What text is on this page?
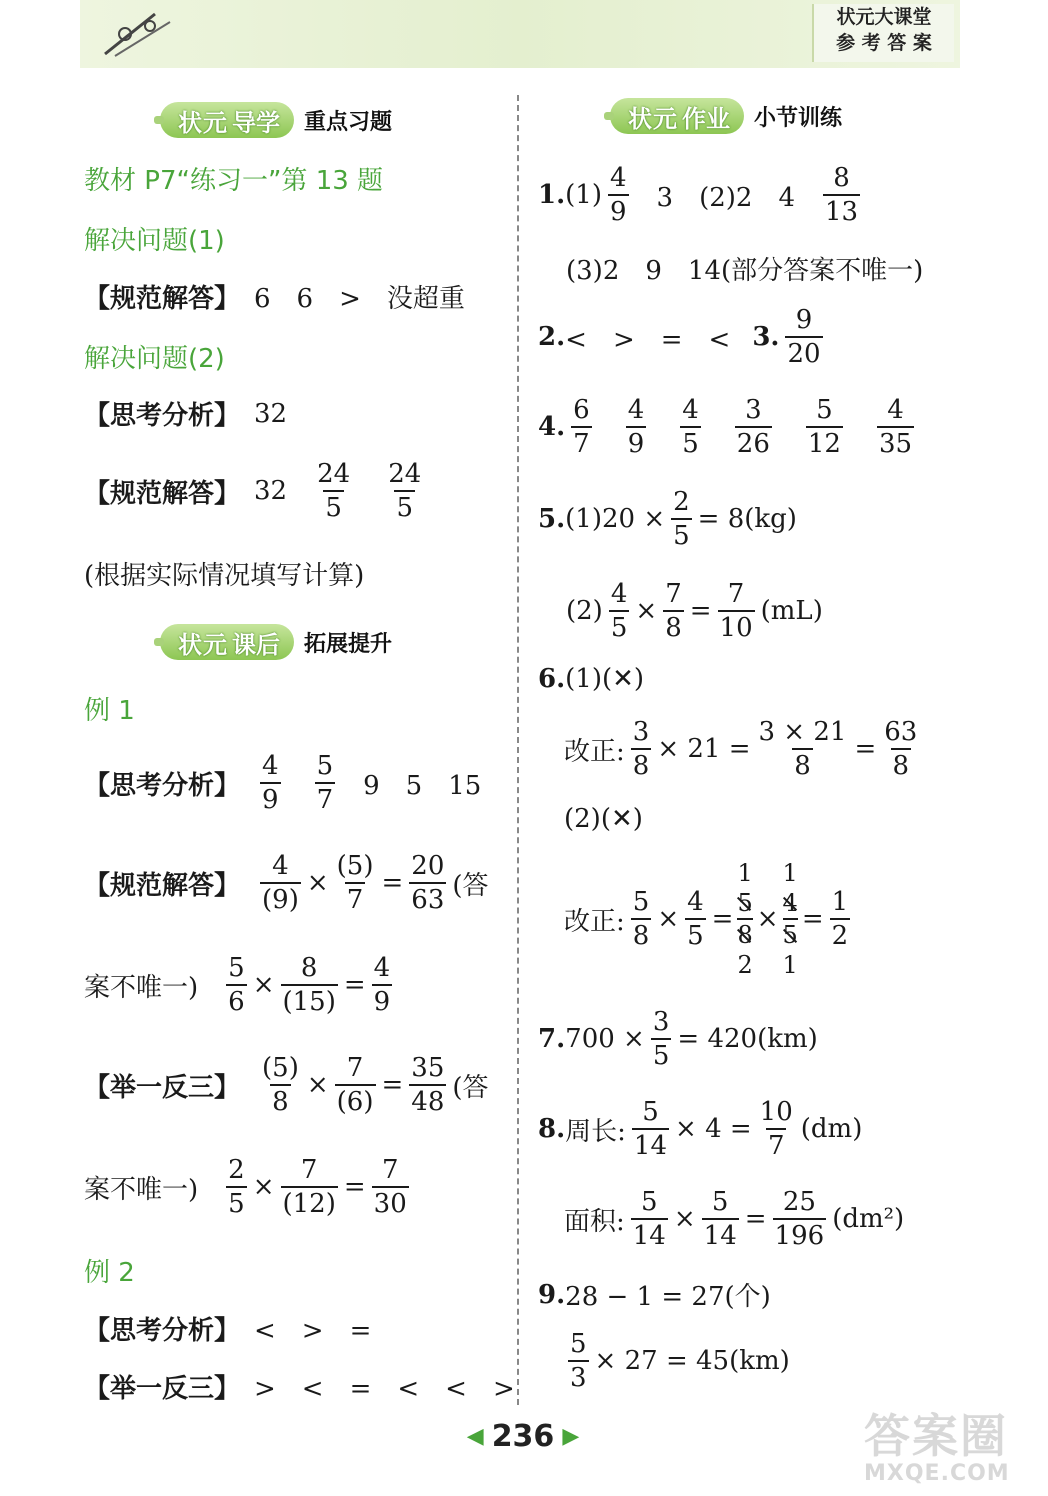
状元大课堂
参 考 答 案
状元 导学 重点习题
教材 P7“练习一”第 13 题
解决问题(1)
【规范解答】 6　6　>　没超重
解决问题(2)
【思考分析】 32
【规范解答】 $32 \frac{24}{5} \frac{24}{5}$
(根据实际情况填写计算)
状元 课后 拓展提升
例 1
【思考分析】 $\frac{4}{9} \frac{5}{7} 9$　5　15
【规范解答】 $\frac{4}{(9)} \times \frac{(5)}{7} = \frac{20}{63}$ (答
案不唯一) $\frac{5}{6} \times \frac{8}{(15)} = \frac{4}{9}$
【举一反三】 $\frac{(5)}{8} \times \frac{7}{(6)} = \frac{35}{48}$ (答
案不唯一) $\frac{2}{5} \times \frac{7}{(12)} = \frac{7}{30}$
例 2
【思考分析】 <　>　=
【举一反三】 >　<　=　<　<　>
状元 作业 小节训练
1. $(1) \frac{4}{9} 3$　(2)2　$4 \frac{8}{13}$
(3)2　9　14(部分答案不唯一)
2. <　>　=　< 3. $\frac{9}{20}$
4. $\frac{6}{7} \frac{4}{9} \frac{4}{5} \frac{3}{26} \frac{5}{12} \frac{4}{35}$
5. $(1)20 \times \frac{2}{5} = 8(kg)$
$(2) \frac{4}{5} \times \frac{7}{8} = \frac{7}{10} (mL)$
6. (1)(✕)
改正: $\frac{3}{8} \times 21 = \frac{3 \times 21}{8} = \frac{63}{8}$
(2)(✕)
改正: $\frac{5}{8} \times \frac{4}{5}$ =
1
5
8
2
×
1
4
5
1
= $\frac{1}{2}$
7. $700 \times \frac{3}{5} = 420(km)$
8. 周长: $\frac{5}{14} \times 4 = \frac{10}{7} (dm)$
面积: $\frac{5}{14} \times \frac{5}{14} = \frac{25}{196} (dm^2)$
9. 28 − 1 = 27(个)
$\frac{5}{3} \times 27 = 45(km)$
◀ 236 ▶	答案圈
MXQE.COM
